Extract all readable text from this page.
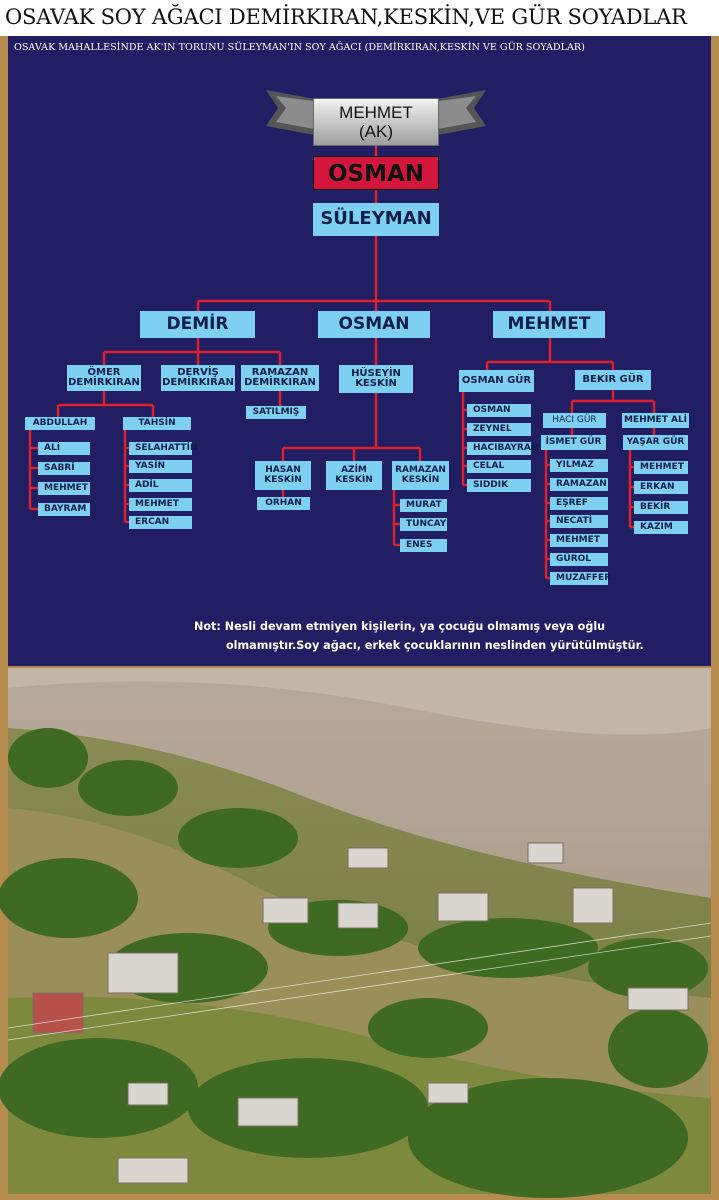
OSAVAK SOY AĞACI DEMİRKIRAN,KESKİN,VE GÜR SOYADLAR
OSAVAK MAHALLESİNDE AK'IN TORUNU SÜLEYMAN'IN SOY AĞACI (DEMİRKIRAN,KESKİN VE GÜR SOYADLAR)
MEHMET
(AK)
OSMAN
SÜLEYMAN
DEMİR	OSMAN	MEHMET
ÖMER
DEMİRKIRAN
DERVİŞ
DEMİRKIRAN
RAMAZAN
DEMİRKIRAN
SATILMIŞ
ABDULLAH	TAHSİN
ALİ
SABRİ
MEHMET
BAYRAM
SELAHATTİN
YASİN
ADİL
MEHMET
ERCAN
HÜSEYİN
KESKİN
HASAN
KESKİN
AZİM
KESKİN
RAMAZAN
KESKİN
ORHAN	MURAT
TUNCAY
ENES
OSMAN GÜR	BEKİR GÜR
OSMAN
ZEYNEL
HACIBAYRAM
CELAL
SIDDIK
HACI GÜR	MEHMET ALİ
İSMET GÜR	YAŞAR GÜR
YILMAZ
RAMAZAN
EŞREF
NECATİ
MEHMET
GÜROL
MUZAFFER
MEHMET
ERKAN
BEKİR
KAZIM
Not: Nesli devam etmiyen kişilerin, ya çocuğu olmamış veya oğlu
olmamıştır.Soy ağacı, erkek çocuklarının neslinden yürütülmüştür.
